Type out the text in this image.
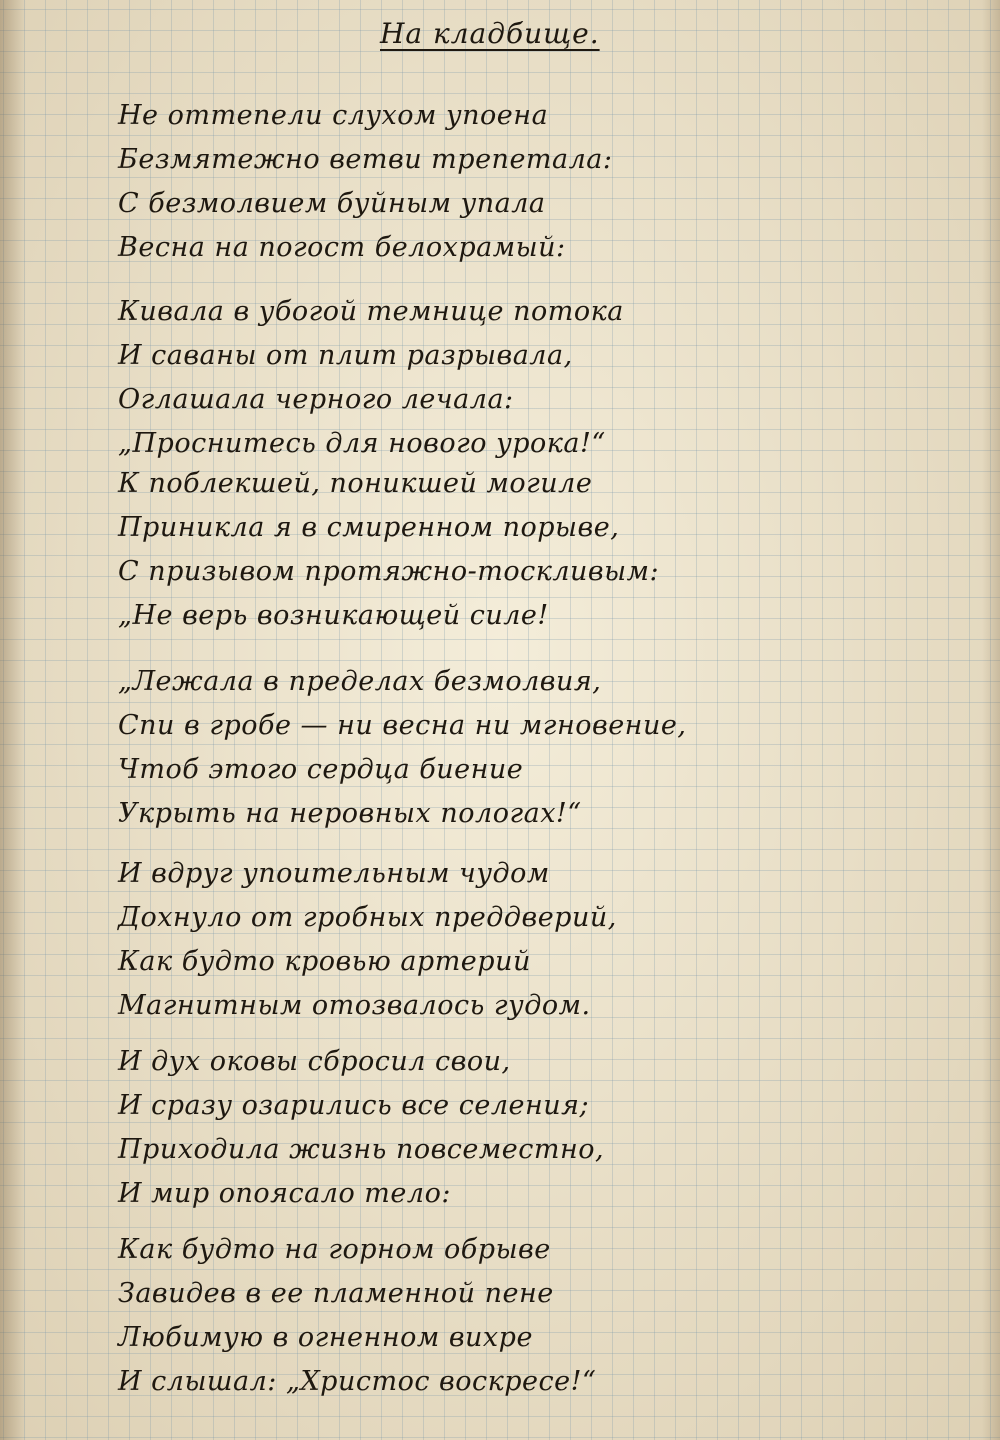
На кладбище.
Не оттепели слухом упоена
Безмятежно ветви трепетала:
С безмолвием буйным упала
Весна на погост белохрамый:
Кивала в убогой темнице потока
И саваны от плит разрывала,
Оглашала черного лечала:
„Проснитесь для нового урока!“
К поблекшей, поникшей могиле
Приникла я в смиренном порыве,
С призывом протяжно-тоскливым:
„Не верь возникающей силе!
„Лежала в пределах безмолвия,
Спи в гробе — ни весна ни мгновение,
Чтоб этого сердца биение
Укрыть на неровных пологах!“
И вдруг упоительным чудом
Дохнуло от гробных преддверий,
Как будто кровью артерий
Магнитным отозвалось гудом.
И дух оковы сбросил свои,
И сразу озарились все селения;
Приходила жизнь повсеместно,
И мир опоясало тело:
Как будто на горном обрыве
Завидев в ее пламенной пене
Любимую в огненном вихре
И слышал: „Христос воскресе!“
